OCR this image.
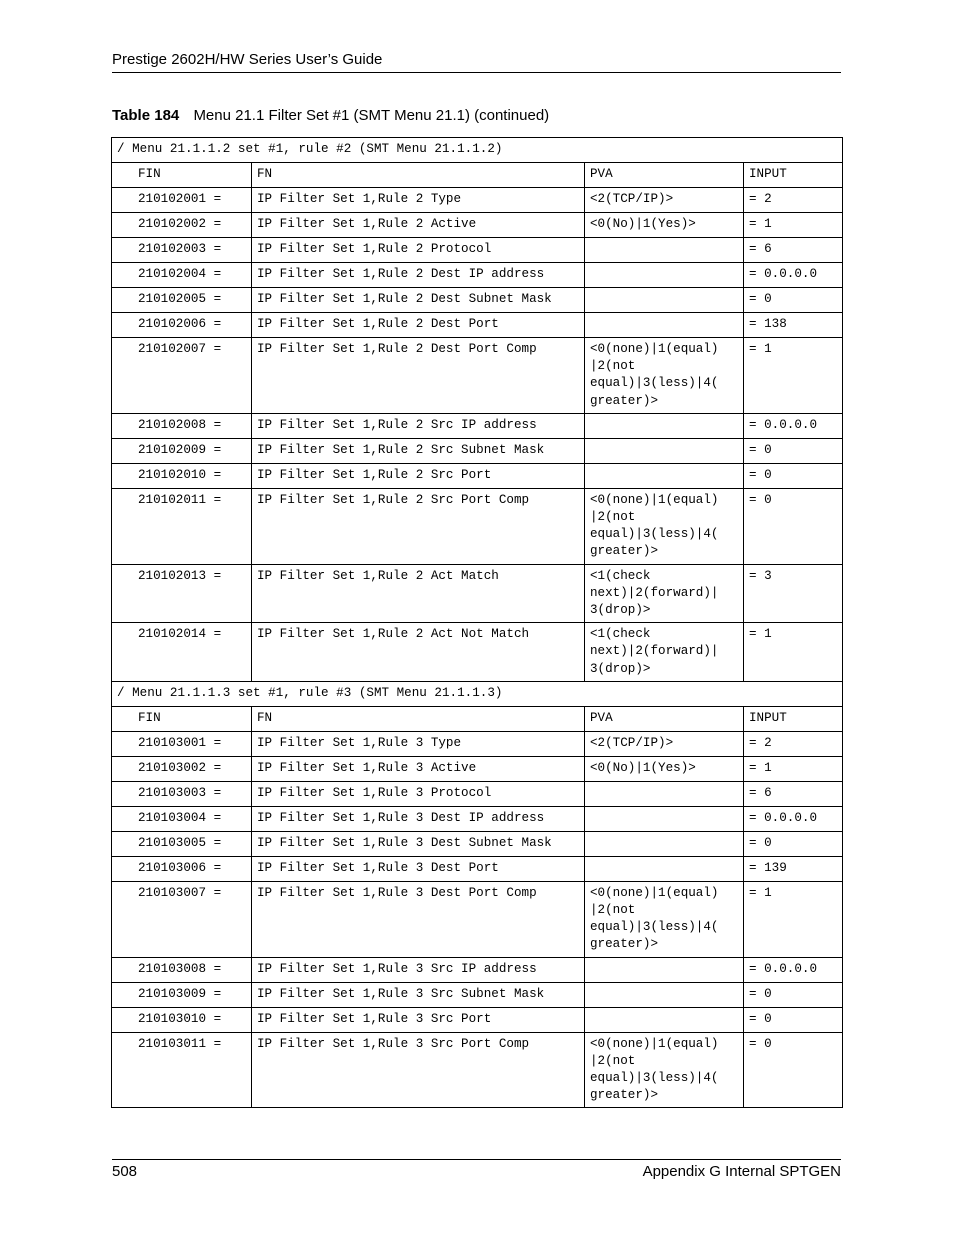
Prestige 2602H/HW Series User’s Guide
Table 184 Menu 21.1 Filter Set #1 (SMT Menu 21.1) (continued)
/ Menu 21.1.1.2 set #1, rule #2 (SMT Menu 21.1.1.2)			
FIN	FN	PVA	INPUT
210102001 =	IP Filter Set 1,Rule 2 Type	<2(TCP/IP)>	= 2
210102002 =	IP Filter Set 1,Rule 2 Active	<0(No)|1(Yes)>	= 1
210102003 =	IP Filter Set 1,Rule 2 Protocol		= 6
210102004 =	IP Filter Set 1,Rule 2 Dest IP address		= 0.0.0.0
210102005 =	IP Filter Set 1,Rule 2 Dest Subnet Mask		= 0
210102006 =	IP Filter Set 1,Rule 2 Dest Port		= 138
210102007 =	IP Filter Set 1,Rule 2 Dest Port Comp	<0(none)|1(equal)
|2(not
equal)|3(less)|4(
greater)>	= 1
210102008 =	IP Filter Set 1,Rule 2 Src IP address		= 0.0.0.0
210102009 =	IP Filter Set 1,Rule 2 Src Subnet Mask		= 0
210102010 =	IP Filter Set 1,Rule 2 Src Port		= 0
210102011 =	IP Filter Set 1,Rule 2 Src Port Comp	<0(none)|1(equal)
|2(not
equal)|3(less)|4(
greater)>	= 0
210102013 =	IP Filter Set 1,Rule 2 Act Match	<1(check
next)|2(forward)|
3(drop)>	= 3
210102014 =	IP Filter Set 1,Rule 2 Act Not Match	<1(check
next)|2(forward)|
3(drop)>	= 1
/ Menu 21.1.1.3 set #1, rule #3 (SMT Menu 21.1.1.3)			
FIN	FN	PVA	INPUT
210103001 =	IP Filter Set 1,Rule 3 Type	<2(TCP/IP)>	= 2
210103002 =	IP Filter Set 1,Rule 3 Active	<0(No)|1(Yes)>	= 1
210103003 =	IP Filter Set 1,Rule 3 Protocol		= 6
210103004 =	IP Filter Set 1,Rule 3 Dest IP address		= 0.0.0.0
210103005 =	IP Filter Set 1,Rule 3 Dest Subnet Mask		= 0
210103006 =	IP Filter Set 1,Rule 3 Dest Port		= 139
210103007 =	IP Filter Set 1,Rule 3 Dest Port Comp	<0(none)|1(equal)
|2(not
equal)|3(less)|4(
greater)>	= 1
210103008 =	IP Filter Set 1,Rule 3 Src IP address		= 0.0.0.0
210103009 =	IP Filter Set 1,Rule 3 Src Subnet Mask		= 0
210103010 =	IP Filter Set 1,Rule 3 Src Port		= 0
210103011 =	IP Filter Set 1,Rule 3 Src Port Comp	<0(none)|1(equal)
|2(not
equal)|3(less)|4(
greater)>	= 0
508	Appendix G Internal SPTGEN
